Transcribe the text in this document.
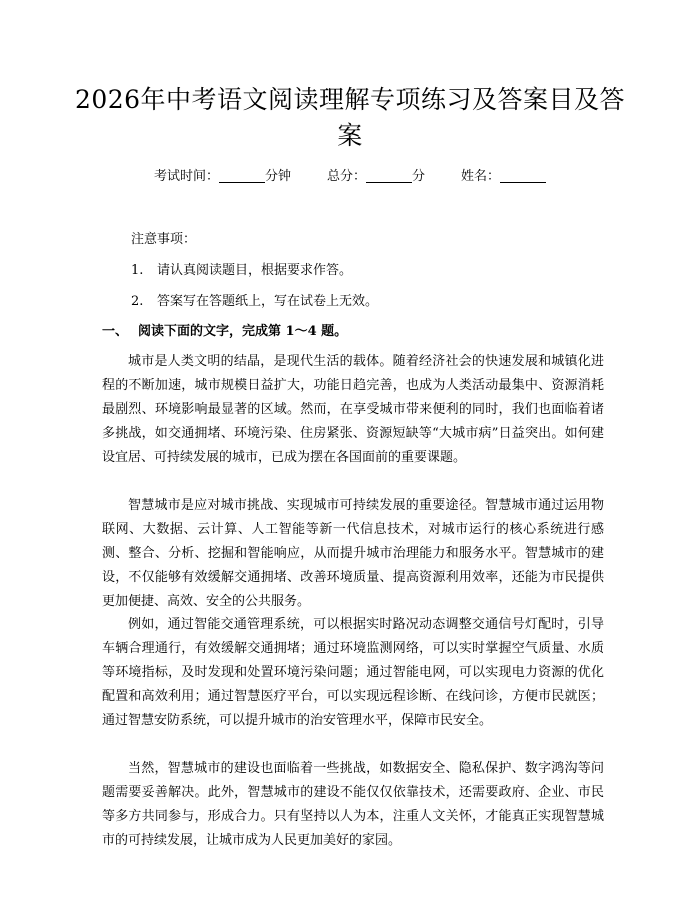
2026年中考语文阅读理解专项练习及答案目及答案
考试时间：	分钟	总分：	分	姓名：
注意事项：
1. 请认真阅读题目，根据要求作答。
2. 答案写在答题纸上，写在试卷上无效。
一、 阅读下面的文字，完成第 1～4 题。

城市是人类文明的结晶，是现代生活的载体。随着经济社会的快速发展和城镇化进程的不断加速，城市规模日益扩大，功能日趋完善，也成为人类活动最集中、资源消耗最剧烈、环境影响最显著的区域。然而，在享受城市带来便利的同时，我们也面临着诸多挑战，如交通拥堵、环境污染、住房紧张、资源短缺等“大城市病”日益突出。如何建设宜居、可持续发展的城市，已成为摆在各国面前的重要课题。

智慧城市是应对城市挑战、实现城市可持续发展的重要途径。智慧城市通过运用物联网、大数据、云计算、人工智能等新一代信息技术，对城市运行的核心系统进行感测、整合、分析、挖掘和智能响应，从而提升城市治理能力和服务水平。智慧城市的建设，不仅能够有效缓解交通拥堵、改善环境质量、提高资源利用效率，还能为市民提供更加便捷、高效、安全的公共服务。

例如，通过智能交通管理系统，可以根据实时路况动态调整交通信号灯配时，引导车辆合理通行，有效缓解交通拥堵；通过环境监测网络，可以实时掌握空气质量、水质等环境指标，及时发现和处置环境污染问题；通过智能电网，可以实现电力资源的优化配置和高效利用；通过智慧医疗平台，可以实现远程诊断、在线问诊，方便市民就医；通过智慧安防系统，可以提升城市的治安管理水平，保障市民安全。

当然，智慧城市的建设也面临着一些挑战，如数据安全、隐私保护、数字鸿沟等问题需要妥善解决。此外，智慧城市的建设不能仅仅依靠技术，还需要政府、企业、市民等多方共同参与，形成合力。只有坚持以人为本，注重人文关怀，才能真正实现智慧城市的可持续发展，让城市成为人民更加美好的家园。
